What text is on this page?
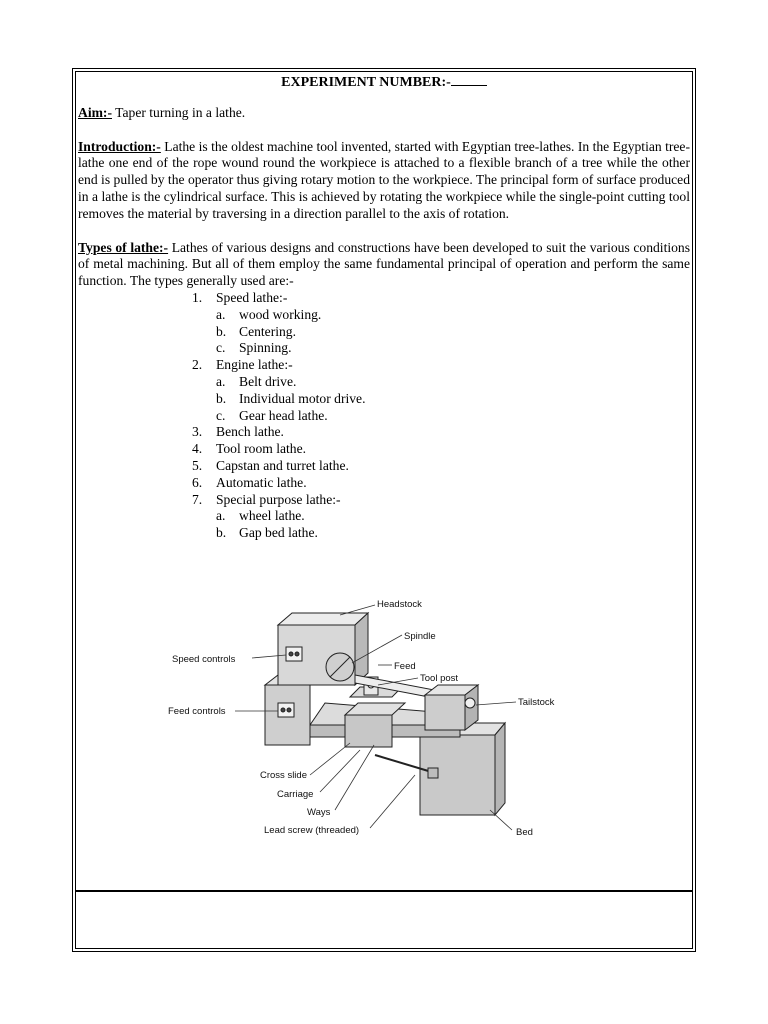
EXPERIMENT NUMBER:-

Aim:- Taper turning in a lathe.

Introduction:- Lathe is the oldest machine tool invented, started with Egyptian tree-lathes. In the Egyptian tree-lathe one end of the rope wound round the workpiece is attached to a flexible branch of a tree while the other end is pulled by the operator thus giving rotary motion to the workpiece. The principal form of surface produced in a lathe is the cylindrical surface. This is achieved by rotating the workpiece while the single-point cutting tool removes the material by traversing in a direction parallel to the axis of rotation.

Types of lathe:- Lathes of various designs and constructions have been developed to suit the various conditions of metal machining. But all of them employ the same fundamental principal of operation and perform the same function. The types generally used are:-

1. Speed lathe:-
a. wood working.
b. Centering.
c. Spinning.
2. Engine lathe:-
a. Belt drive.
b. Individual motor drive.
c. Gear head lathe.
3. Bench lathe.
4. Tool room lathe.
5. Capstan and turret lathe.
6. Automatic lathe.
7. Special purpose lathe:-
a. wheel lathe.
b. Gap bed lathe.
Headstock
Spindle
Speed controls
Feed
Tool post
Tailstock
Feed controls
Cross slide
Carriage
Ways
Lead screw (threaded)	Bed
